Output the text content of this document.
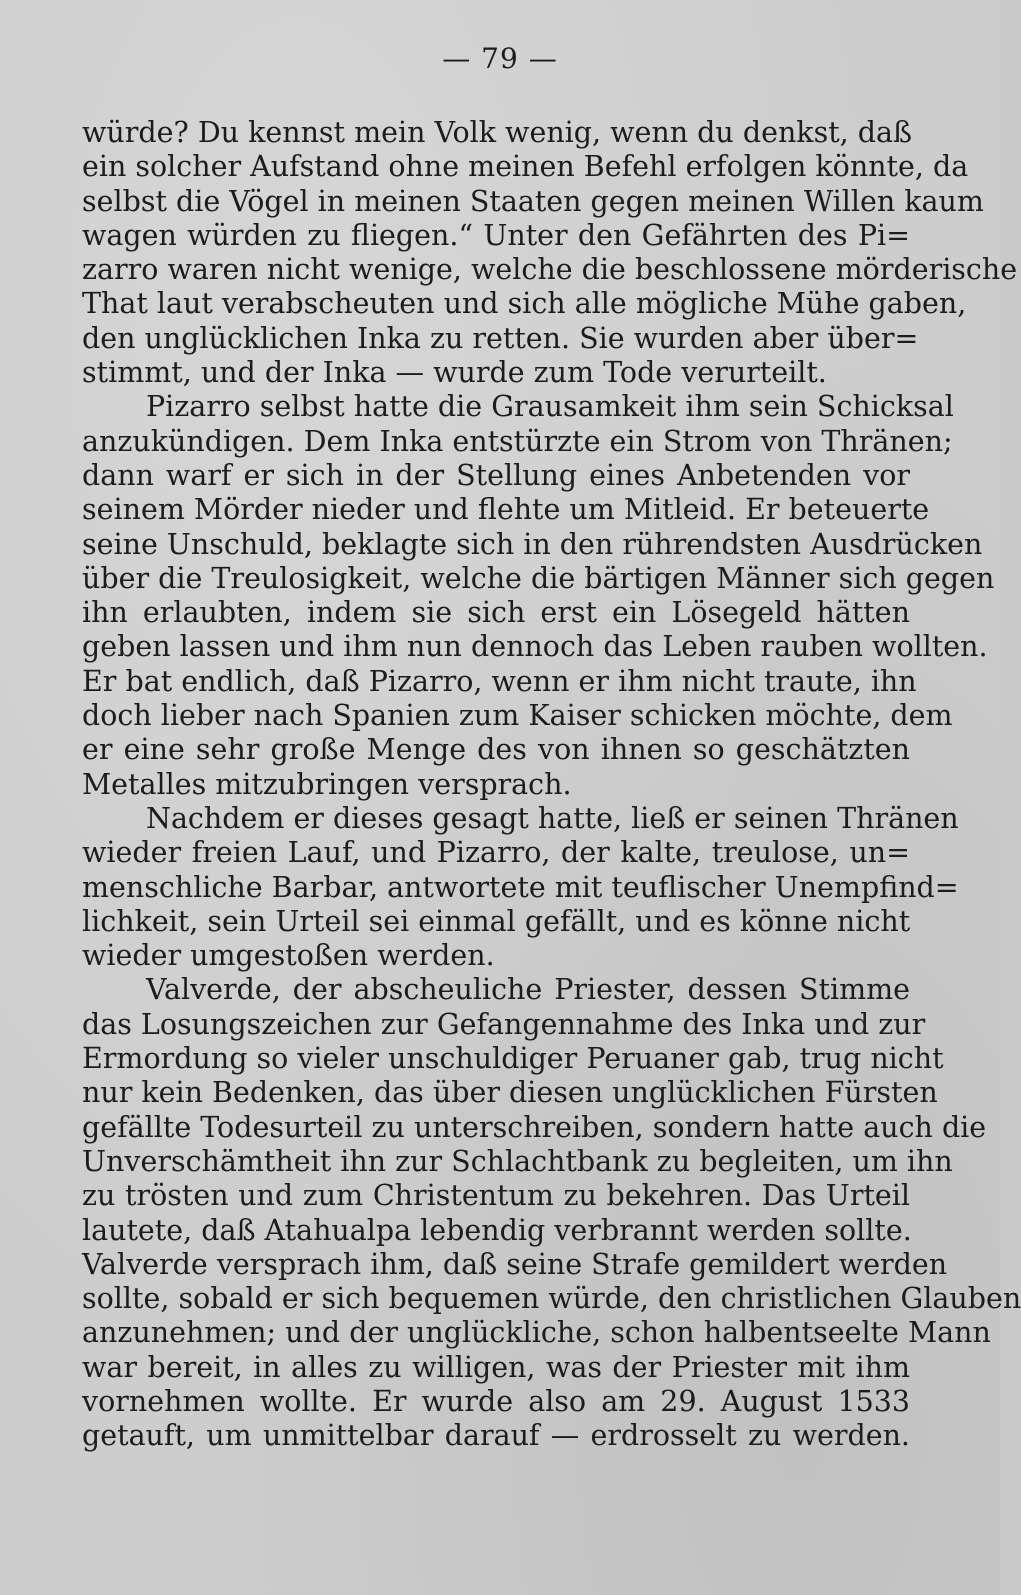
— 79 —
würde? Du kennst mein Volk wenig, wenn du denkst, daß
ein solcher Aufstand ohne meinen Befehl erfolgen könnte, da
selbst die Vögel in meinen Staaten gegen meinen Willen kaum
wagen würden zu fliegen.“ Unter den Gefährten des Pi=
zarro waren nicht wenige, welche die beschlossene mörderische
That laut verabscheuten und sich alle mögliche Mühe gaben,
den unglücklichen Inka zu retten. Sie wurden aber über=
stimmt, und der Inka — wurde zum Tode verurteilt.
Pizarro selbst hatte die Grausamkeit ihm sein Schicksal
anzukündigen. Dem Inka entstürzte ein Strom von Thränen;
dann warf er sich in der Stellung eines Anbetenden vor
seinem Mörder nieder und flehte um Mitleid. Er beteuerte
seine Unschuld, beklagte sich in den rührendsten Ausdrücken
über die Treulosigkeit, welche die bärtigen Männer sich gegen
ihn erlaubten, indem sie sich erst ein Lösegeld hätten
geben lassen und ihm nun dennoch das Leben rauben wollten.
Er bat endlich, daß Pizarro, wenn er ihm nicht traute, ihn
doch lieber nach Spanien zum Kaiser schicken möchte, dem
er eine sehr große Menge des von ihnen so geschätzten
Metalles mitzubringen versprach.
Nachdem er dieses gesagt hatte, ließ er seinen Thränen
wieder freien Lauf, und Pizarro, der kalte, treulose, un=
menschliche Barbar, antwortete mit teuflischer Unempfind=
lichkeit, sein Urteil sei einmal gefällt, und es könne nicht
wieder umgestoßen werden.
Valverde, der abscheuliche Priester, dessen Stimme
das Losungszeichen zur Gefangennahme des Inka und zur
Ermordung so vieler unschuldiger Peruaner gab, trug nicht
nur kein Bedenken, das über diesen unglücklichen Fürsten
gefällte Todesurteil zu unterschreiben, sondern hatte auch die
Unverschämtheit ihn zur Schlachtbank zu begleiten, um ihn
zu trösten und zum Christentum zu bekehren. Das Urteil
lautete, daß Atahualpa lebendig verbrannt werden sollte.
Valverde versprach ihm, daß seine Strafe gemildert werden
sollte, sobald er sich bequemen würde, den christlichen Glauben
anzunehmen; und der unglückliche, schon halbentseelte Mann
war bereit, in alles zu willigen, was der Priester mit ihm
vornehmen wollte. Er wurde also am 29. August 1533
getauft, um unmittelbar darauf — erdrosselt zu werden.
